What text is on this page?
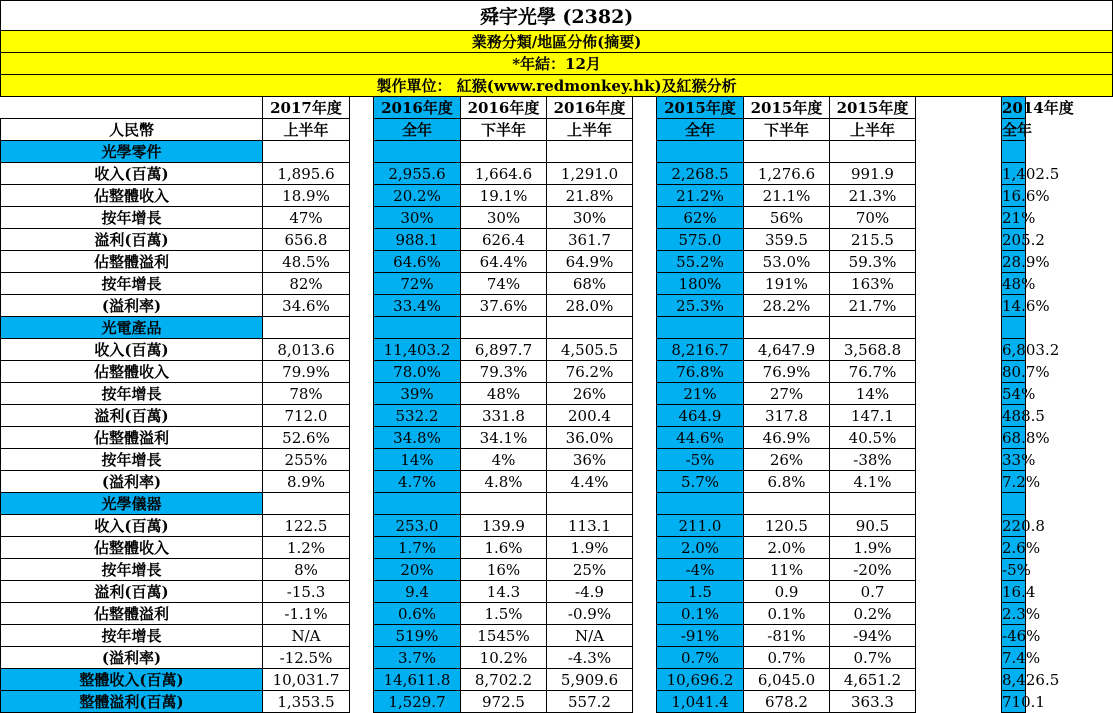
舜宇光學 (2382)											
業務分類/地區分佈(摘要)											
*年結：12月											
製作單位： 紅猴(www.redmonkey.hk)及紅猴分析											
	2017年度		2016年度	2016年度	2016年度		2015年度	2015年度	2015年度		2014年度
人民幣	上半年		全年	下半年	上半年		全年	下半年	上半年		全年
光學零件											
收入(百萬)	1,895.6		2,955.6	1,664.6	1,291.0		2,268.5	1,276.6	991.9		1,402.5
佔整體收入	18.9%		20.2%	19.1%	21.8%		21.2%	21.1%	21.3%		16.6%
按年增長	47%		30%	30%	30%		62%	56%	70%		21%
溢利(百萬)	656.8		988.1	626.4	361.7		575.0	359.5	215.5		205.2
佔整體溢利	48.5%		64.6%	64.4%	64.9%		55.2%	53.0%	59.3%		28.9%
按年增長	82%		72%	74%	68%		180%	191%	163%		48%
(溢利率)	34.6%		33.4%	37.6%	28.0%		25.3%	28.2%	21.7%		14.6%
光電產品											
收入(百萬)	8,013.6		11,403.2	6,897.7	4,505.5		8,216.7	4,647.9	3,568.8		6,803.2
佔整體收入	79.9%		78.0%	79.3%	76.2%		76.8%	76.9%	76.7%		80.7%
按年增長	78%		39%	48%	26%		21%	27%	14%		54%
溢利(百萬)	712.0		532.2	331.8	200.4		464.9	317.8	147.1		488.5
佔整體溢利	52.6%		34.8%	34.1%	36.0%		44.6%	46.9%	40.5%		68.8%
按年增長	255%		14%	4%	36%		-5%	26%	-38%		33%
(溢利率)	8.9%		4.7%	4.8%	4.4%		5.7%	6.8%	4.1%		7.2%
光學儀器											
收入(百萬)	122.5		253.0	139.9	113.1		211.0	120.5	90.5		220.8
佔整體收入	1.2%		1.7%	1.6%	1.9%		2.0%	2.0%	1.9%		2.6%
按年增長	8%		20%	16%	25%		-4%	11%	-20%		-5%
溢利(百萬)	-15.3		9.4	14.3	-4.9		1.5	0.9	0.7		16.4
佔整體溢利	-1.1%		0.6%	1.5%	-0.9%		0.1%	0.1%	0.2%		2.3%
按年增長	N/A		519%	1545%	N/A		-91%	-81%	-94%		-46%
(溢利率)	-12.5%		3.7%	10.2%	-4.3%		0.7%	0.7%	0.7%		7.4%
整體收入(百萬)	10,031.7		14,611.8	8,702.2	5,909.6		10,696.2	6,045.0	4,651.2		8,426.5
整體溢利(百萬)	1,353.5		1,529.7	972.5	557.2		1,041.4	678.2	363.3		710.1
